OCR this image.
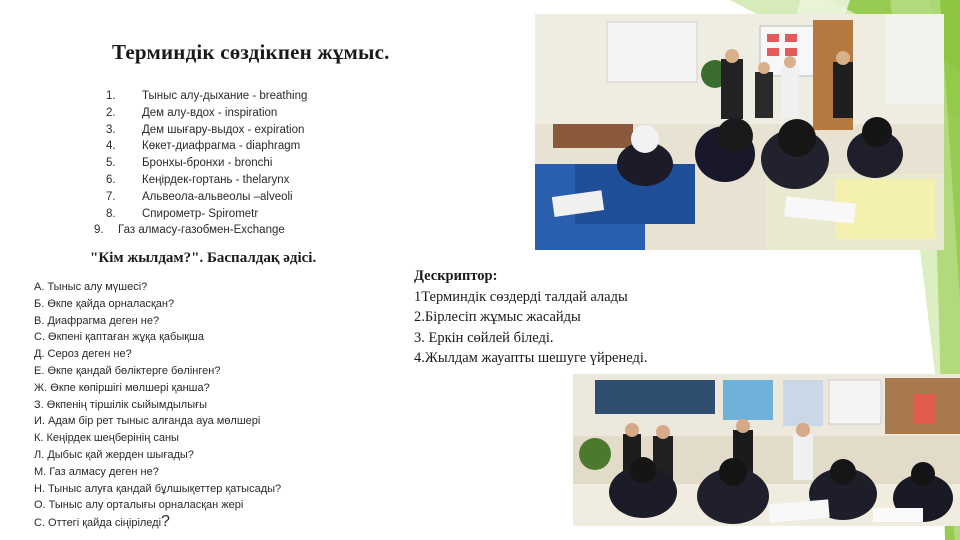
Терминдік сөздікпен жұмыс.
1.	Тыныс алу-дыхание - breathing
2.	Дем алу-вдох - inspiration
3.	Дем шығару-выдох - expiration
4.	Көкет-диафрагма - diaphragm
5.	Бронхы-бронхи - bronchi
6.	Кеңірдек-гортань - thelarynx
7.	Альвеола-альвеолы –alveoli
8.	Спирометр- Spirometr
9.	Газ алмасу-газобмен-Exchange
"Кім жылдам?". Баспалдақ әдісі.
А. Тыныс алу мүшесі?
Б. Өкпе қайда орналасқан?
В. Диафрагма деген не?
С. Өкпені қаптаған жұқа қабықша
Д. Сероз деген не?
Е. Өкпе қандай бөліктерге бөлінген?
Ж. Өкпе көпіршігі мөлшері қанша?
З. Өкпенің тіршілік сыйымдылығы
И. Адам бір рет тыныс алғанда ауа мөлшері
К. Кеңірдек шеңберінің саны
Л. Дыбыс қай жерден шығады?
М. Газ алмасу деген не?
Н. Тыныс алуға қандай бұлшықеттер қатысады?
О. Тыныс алу орталығы орналасқан жері
С. Оттегі қайда сіңіріледі?
Дескриптор:
1Терминдік сөздерді талдай алады
2.Бірлесіп жұмыс жасайды
3. Еркін сөйлей біледі.
4.Жылдам жауапты шешуге үйренеді.
